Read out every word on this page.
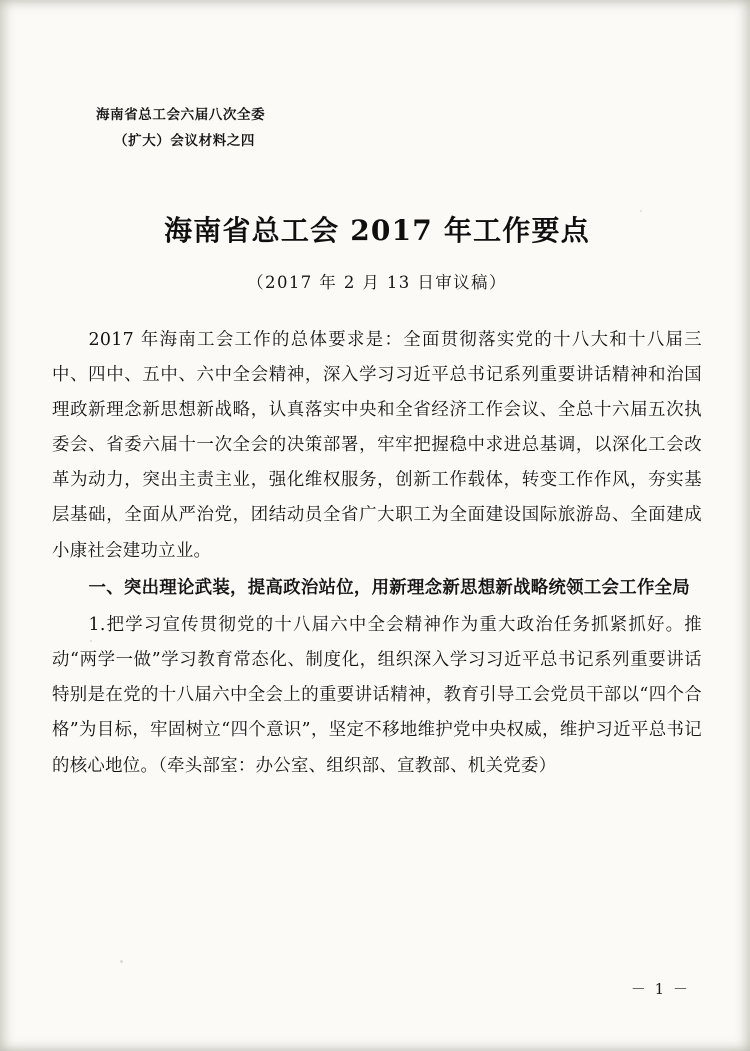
海南省总工会六届八次全委
（扩大）会议材料之四
海南省总工会 2017 年工作要点
（2017 年 2 月 13 日审议稿）

2017 年海南工会工作的总体要求是：全面贯彻落实党的十八大和十八届三中、四中、五中、六中全会精神，深入学习习近平总书记系列重要讲话精神和治国理政新理念新思想新战略，认真落实中央和全省经济工作会议、全总十六届五次执委会、省委六届十一次全会的决策部署，牢牢把握稳中求进总基调，以深化工会改革为动力，突出主责主业，强化维权服务，创新工作载体，转变工作作风，夯实基层基础，全面从严治党，团结动员全省广大职工为全面建设国际旅游岛、全面建成小康社会建功立业。

一、突出理论武装，提高政治站位，用新理念新思想新战略统领工会工作全局

1.把学习宣传贯彻党的十八届六中全会精神作为重大政治任务抓紧抓好。推动“两学一做”学习教育常态化、制度化，组织深入学习习近平总书记系列重要讲话特别是在党的十八届六中全会上的重要讲话精神，教育引导工会党员干部以“四个合格”为目标，牢固树立“四个意识”，坚定不移地维护党中央权威，维护习近平总书记的核心地位。（牵头部室：办公室、组织部、宣教部、机关党委）

－ 1 －
